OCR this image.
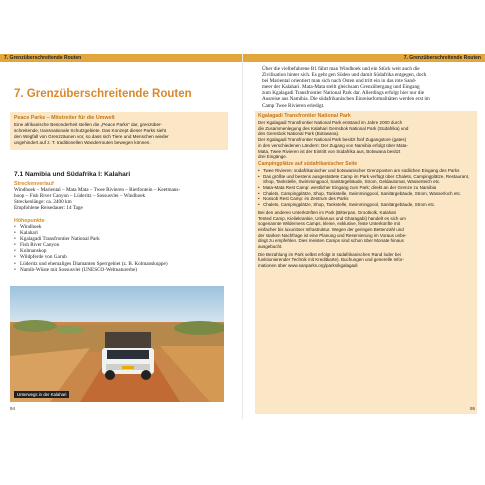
7. Grenzüberschreitende Routen	7. Grenzüberschreitende Routen
7. Grenzüberschreitende Routen
Peace Parks – Mitstreiter für die Umwelt
Eine afrikanische Besonderheit stellen die „Peace Parks“ dar, grenzüber-
schreitende, transnationale Schutzgebiete. Das Konzept dieser Parks sieht
den Wegfall von Grenzzäunen vor, so dass sich Tiere und Menschen wieder
ungehindert auf z. T. traditionellen Wanderrouten bewegen können.
7.1 Namibia und Südafrika I: Kalahari
Streckenverlauf
Windhoek – Mariental – Mata Mata – Twee Rivieren – Rietfontein – Keetmans-
hoop – Fish River Canyon – Lüderitz – Sossusvlei – Windhoek
Streckenlänge: ca. 2400 km
Empfohlene Reisedauer: 14 Tage
Höhepunkte
• Windhoek
• Kalahari
• Kgalagadi Transfrontier National Park
• Fish River Canyon
• Kolmanskop
• Wildpferde von Garub
• Lüderitz und ehemaliges Diamanten Sperrgebiet (z. B. Kolmanskuppe)
• Namib-Wüste mit Sossusvlei (UNESCO-Weltnaturerbe)
Unterwegs in der Kalahari
94
Über die vielbefahrene B1 fährt man Windhoek und ein Stück weit auch die
Zivilisation hinter sich. Es geht gen Süden und damit Südafrika entgegen, doch
bei Mariental orientiert man sich nach Osten und tritt ein in das rote Sand-
meer der Kalahari. Mata-Mata stellt gleichsam Grenzübergang und Eingang
zum Kgalagadi Transfrontier National Park dar. Allerdings erfolgt hier nur die
Ausreise aus Namibia. Die südafrikanischen Einreiseformalitäten werden erst im
Camp Twee Rivieren erledigt.
Kgalagadi Transfrontier National Park
Der Kgalagadi Transfrontier National Park entstand im Jahre 2000 durch
die Zusammenlegung des Kalahari Gemsbok National Park (Südafrika) und
des Gemsbok National Park (Botswana).
Der Kgalagadi Transfrontier National Park besitzt fünf Zugangstore (gates)
in den verschiedenen Ländern: Der Zugang von Namibia erfolgt über Mata-
Mata, Twee Rivieren ist der Eintritt von Südafrika aus, Botswana besitzt
drei Eingänge.
Campingplätze auf südafrikanischer Seite
• Twee Rivieren: südafrikanischer und botswanischer Grenzposten am südlichen Eingang des Parks
• Das größte und bestens ausgestattete Camp im Park verfügt über Chalets, Campingplätze, Restaurant, Shop, Tankstelle, Swimmingpool, Sanitärgebäude, Strom, Geldautomat, Wasserteich etc.
• Mata-Mata Rest Camp: westlicher Eingang zum Park; direkt an der Grenze zu Namibia
• Chalets, Campingplätze, Shop, Tankstelle, Swimmingpool, Sanitärgebäude, Strom, Wasserloch etc.
• Nossob Rest Camp: im Zentrum des Parks
• Chalets, Campingplätze, Shop, Tankstelle, Swimmingpool, Sanitärgebäude, Strom etc.
Bei den anderen Unterkünften im Park (Bitterpan, Grootkolk, Kalahari
Tented Camp, Kieliekrankie, Urikaruus und Gharagabi) handelt es sich um
sogenannte Wilderness Camps, kleine, exklusive, feste Unterkünfte mit
einfacher bis luxuriöser Infrastruktur. Wegen der geringen Bettenzahl und
der starken Nachfrage ist eine Planung und Reservierung im Voraus unbe-
dingt zu empfehlen. Dies meisten Camps sind schon über Monate hinaus
ausgebucht.
Die Bezahlung im Park selbst erfolgt in südafrikanischen Rand loder bei
funktionierender Technik mit Kreditkarte). Buchungen und generelle Infor-
mationen über www.sanparks.org/parks/kgalagadi
95
